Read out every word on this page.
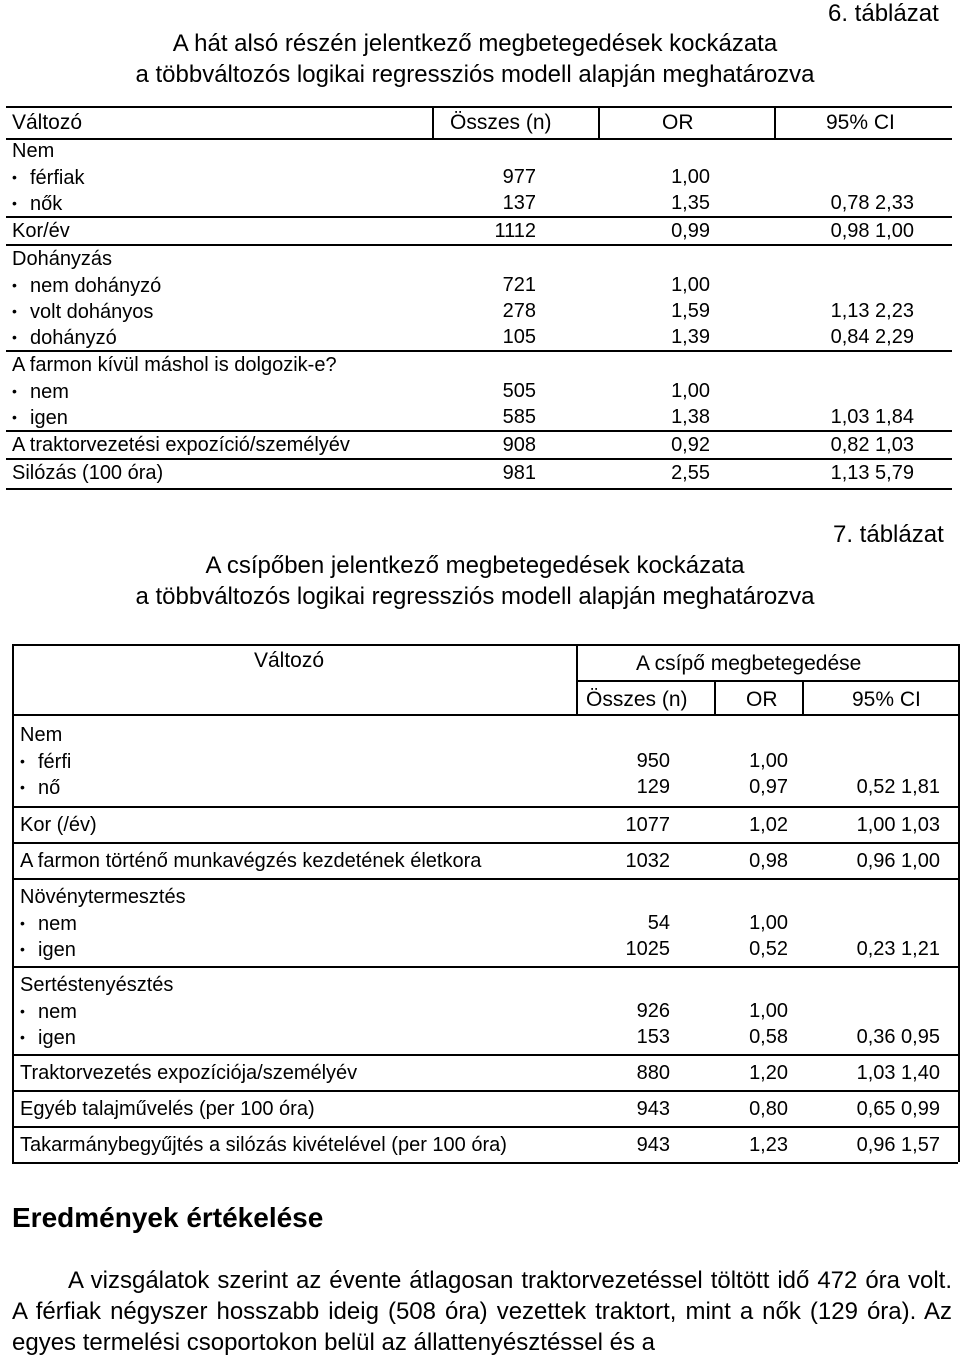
6. táblázat
A hát alsó részén jelentkező megbetegedések kockázata
a többváltozós logikai regressziós modell alapján meghatározva
7. táblázat
A csípőben jelentkező megbetegedések kockázata
a többváltozós logikai regressziós modell alapján meghatározva
Eredmények értékelése
A vizsgálatok szerint az évente átlagosan traktorvezetéssel töltött idő 472 óra volt. A férfiak négyszer hosszabb ideig (508 óra) vezettek traktort, mint a nők (129 óra). Az egyes termelési csoportokon belül az állattenyésztéssel és a
Változó	Összes (n)	OR	95% CI
Nem
• férfiak	977	1,00
• nők	137	1,35	0,78 2,33
Kor/év	1112	0,99	0,98 1,00
Dohányzás
• nem dohányzó	721	1,00
• volt dohányos	278	1,59	1,13 2,23
• dohányzó	105	1,39	0,84 2,29
A farmon kívül máshol is dolgozik-e?
• nem	505	1,00
• igen	585	1,38	1,03 1,84
A traktorvezetési expozíció/személyév	908	0,92	0,82 1,03
Silózás (100 óra)	981	2,55	1,13 5,79
Változó	A csípő megbetegedése
Összes (n)	OR	95% CI
Nem
• férfi	950	1,00
• nő	129	0,97	0,52 1,81
Kor (/év)	1077	1,02	1,00 1,03
A farmon történő munkavégzés kezdetének életkora	1032	0,98	0,96 1,00
Növénytermesztés
• nem	54	1,00
• igen	1025	0,52	0,23 1,21
Sertéstenyésztés
• nem	926	1,00
• igen	153	0,58	0,36 0,95
Traktorvezetés expozíciója/személyév	880	1,20	1,03 1,40
Egyéb talajművelés (per 100 óra)	943	0,80	0,65 0,99
Takarmánybegyűjtés a silózás kivételével (per 100 óra)	943	1,23	0,96 1,57
